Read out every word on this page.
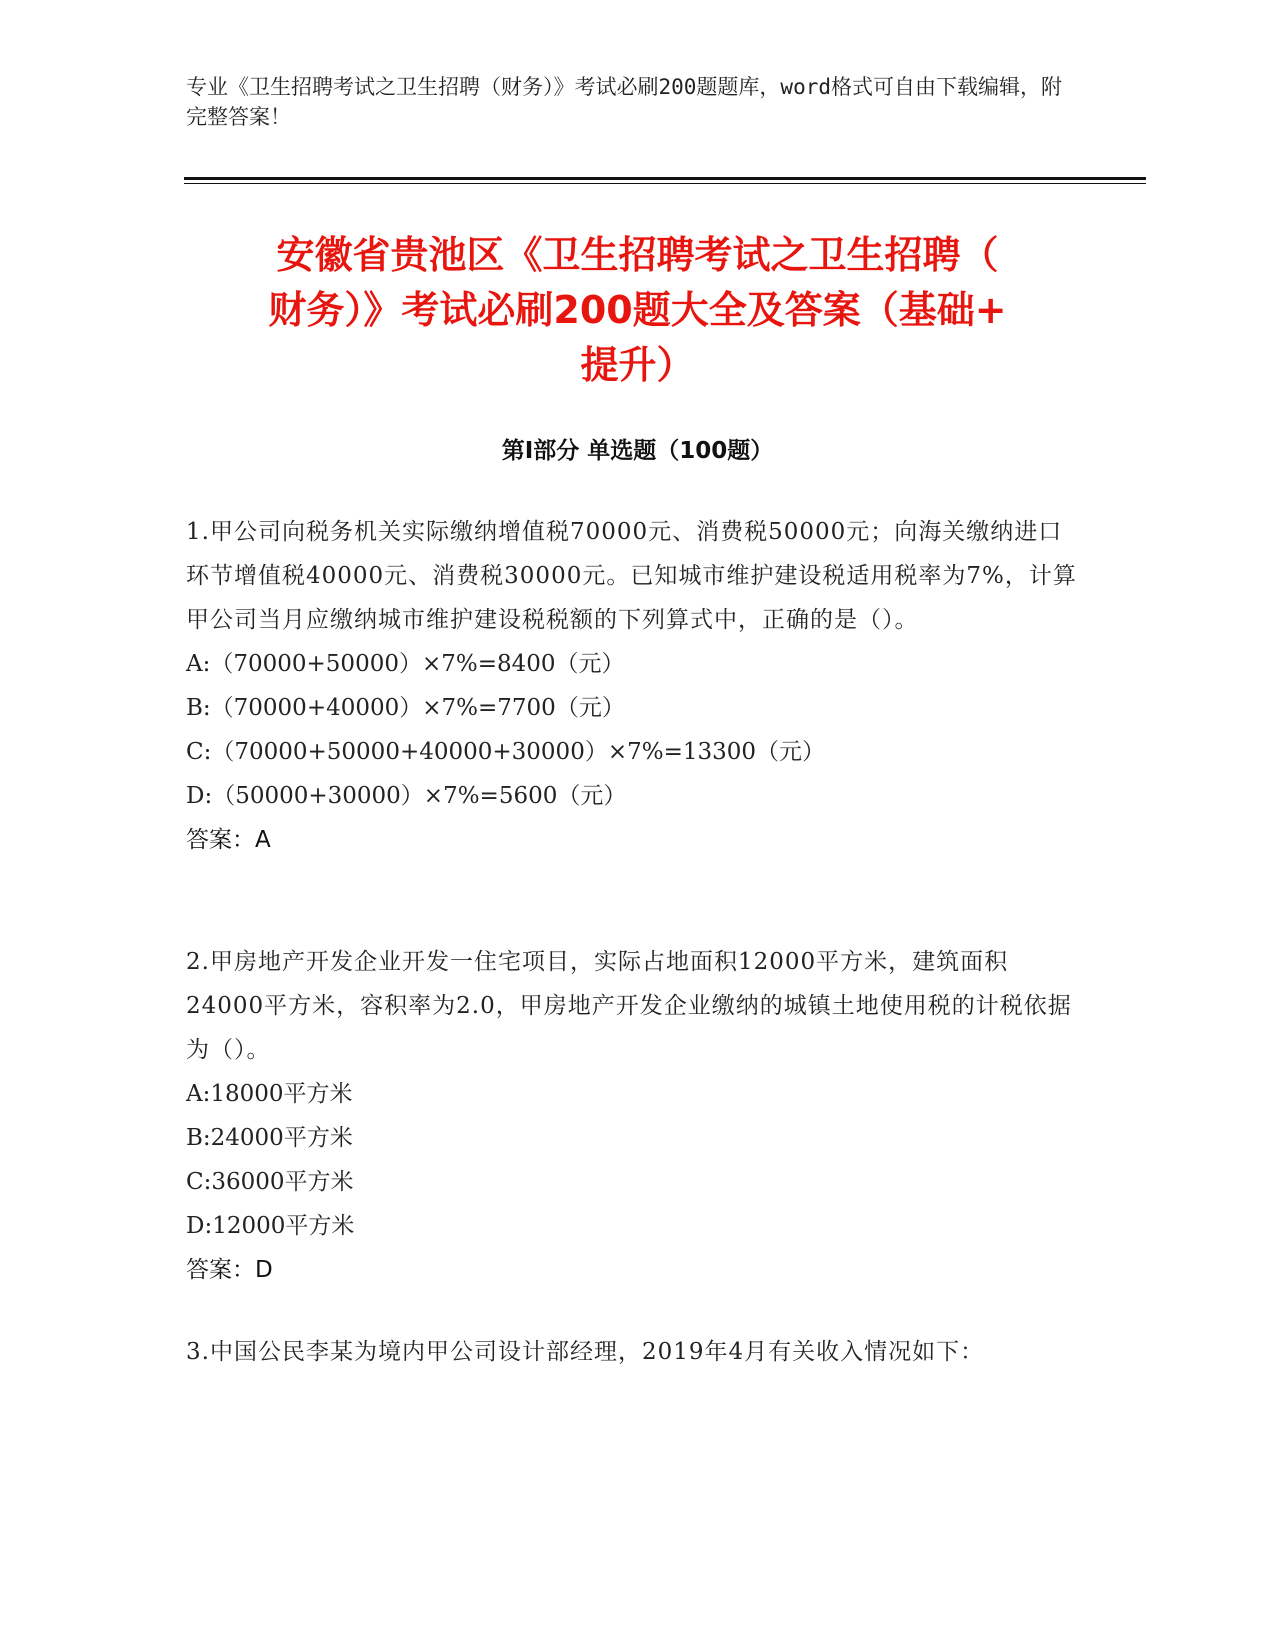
专业《卫生招聘考试之卫生招聘（财务）》考试必刷200题题库，word格式可自由下载编辑，附完整答案！

安徽省贵池区《卫生招聘考试之卫生招聘（
财务）》考试必刷200题大全及答案（基础+
提升）
第Ⅰ部分 单选题（100题）

1.甲公司向税务机关实际缴纳增值税70000元、消费税50000元；向海关缴纳进口环节增值税40000元、消费税30000元。已知城市维护建设税适用税率为7%，计算甲公司当月应缴纳城市维护建设税税额的下列算式中，正确的是（）。

A:（70000+50000）×7%=8400（元）
B:（70000+40000）×7%=7700（元）
C:（70000+50000+40000+30000）×7%=13300（元）
D:（50000+30000）×7%=5600（元）

答案：A

2.甲房地产开发企业开发一住宅项目，实际占地面积12000平方米，建筑面积24000平方米，容积率为2.0，甲房地产开发企业缴纳的城镇土地使用税的计税依据为（）。

A:18000平方米
B:24000平方米
C:36000平方米
D:12000平方米

答案：D

3.中国公民李某为境内甲公司设计部经理，2019年4月有关收入情况如下：
